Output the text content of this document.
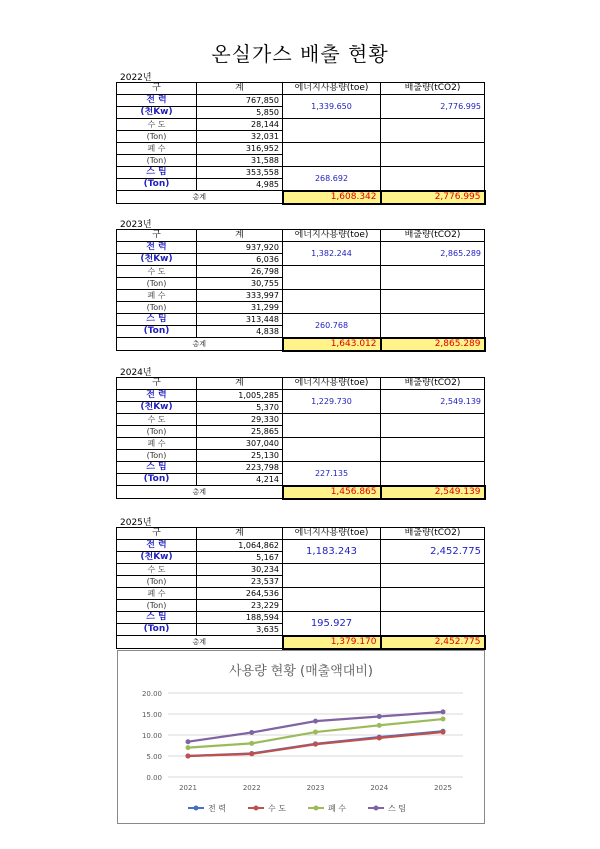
온실가스 배출 현황
2022년
구	계	에너지사용량(toe)	배출량(tCO2)
전 력	767,850	1,339.650	2,776.995
(천Kw)	5,850		
수 도	28,144		
(Ton)	32,031		
폐 수	316,952		
(Ton)	31,588		
스 팀	353,558	268.692	
(Ton)	4,985		
총계		1,608.342	2,776.995
2023년
구	계	에너지사용량(toe)	배출량(tCO2)
전 력	937,920	1,382.244	2,865.289
(천Kw)	6,036		
수 도	26,798		
(Ton)	30,755		
폐 수	333,997		
(Ton)	31,299		
스 팀	313,448	260.768	
(Ton)	4,838		
총계		1,643.012	2,865.289
2024년
구	계	에너지사용량(toe)	배출량(tCO2)
전 력	1,005,285	1,229.730	2,549.139
(천Kw)	5,370		
수 도	29,330		
(Ton)	25,865		
폐 수	307,040		
(Ton)	25,130		
스 팀	223,798	227.135	
(Ton)	4,214		
총계		1,456.865	2,549.139
2025년
구	계	에너지사용량(toe)	배출량(tCO2)
전 력	1,064,862	1,183.243	2,452.775
(천Kw)	5,167		
수 도	30,234		
(Ton)	23,537		
폐 수	264,536		
(Ton)	23,229		
스 팀	188,594	195.927	
(Ton)	3,635		
총계		1,379.170	2,452.775
사용량 현황 (매출액대비)
0.00
5.00
10.00
15.00
20.00
2021	2022	2023	2024	2025
전 력	수 도	폐 수	스 팀
